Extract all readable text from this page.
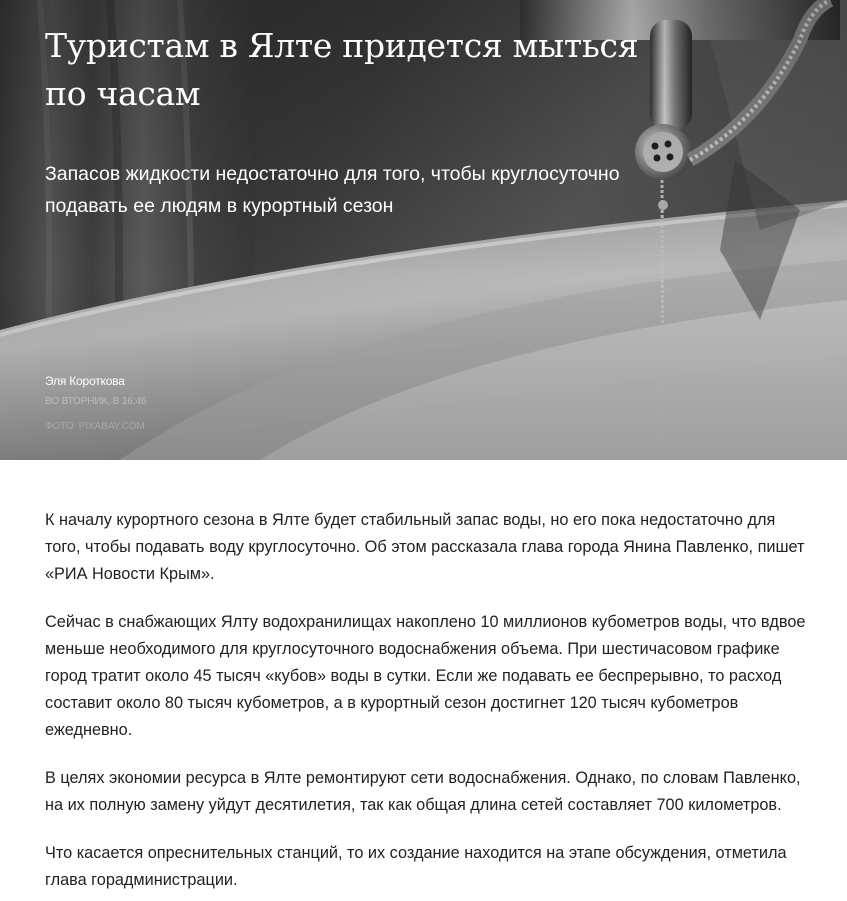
Туристам в Ялте придется мыться по часам

Запасов жидкости недостаточно для того, чтобы круглосуточно подавать ее людям в курортный сезон

Эля Короткова
ВО ВТОРНИК, В 16:46
ФОТО: PIXABAY.COM

К началу курортного сезона в Ялте будет стабильный запас воды, но его пока недостаточно для того, чтобы подавать воду круглосуточно. Об этом рассказала глава города Янина Павленко, пишет «РИА Новости Крым».

Сейчас в снабжающих Ялту водохранилищах накоплено 10 миллионов кубометров воды, что вдвое меньше необходимого для круглосуточного водоснабжения объема. При шестичасовом графике город тратит около 45 тысяч «кубов» воды в сутки. Если же подавать ее беспрерывно, то расход составит около 80 тысяч кубометров, а в курортный сезон достигнет 120 тысяч кубометров ежедневно.

В целях экономии ресурса в Ялте ремонтируют сети водоснабжения. Однако, по словам Павленко, на их полную замену уйдут десятилетия, так как общая длина сетей составляет 700 километров.

Что касается опреснительных станций, то их создание находится на этапе обсуждения, отметила глава горадминистрации.
